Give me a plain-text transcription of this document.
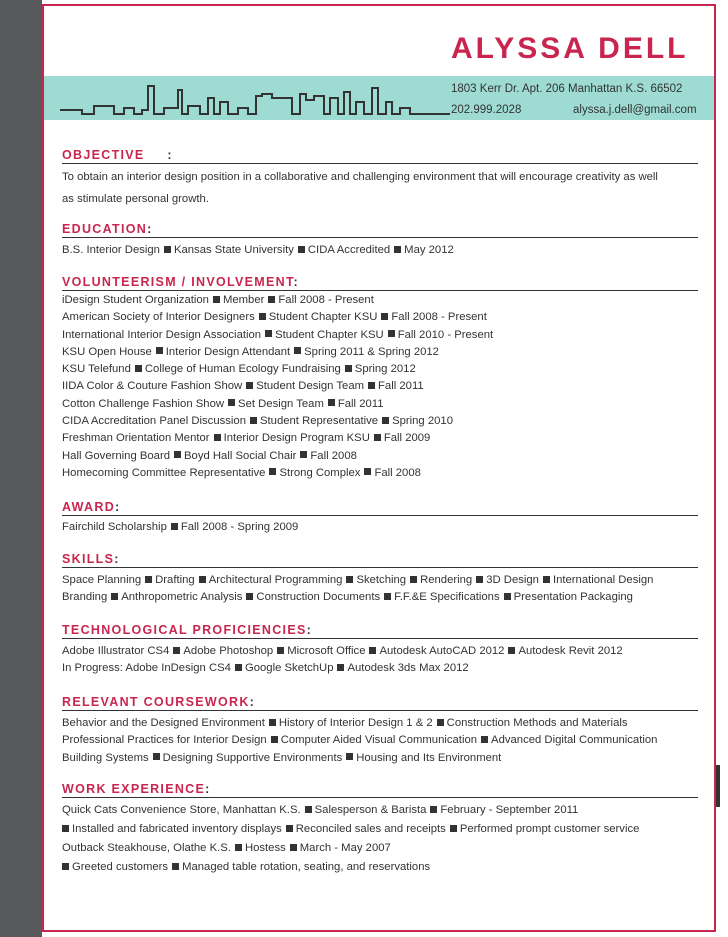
ALYSSA DELL
1803 Kerr Dr. Apt. 206 Manhattan K.S. 66502
202.999.2028	alyssa.j.dell@gmail.com
OBJECTIVE :
To obtain an interior design position in a collaborative and challenging environment that will encourage creativity as well as stimulate personal growth.
EDUCATION:
B.S. Interior Design Kansas State University CIDA Accredited May 2012
VOLUNTEERISM / INVOLVEMENT:
iDesign Student Organization Member Fall 2008 - Present
American Society of Interior Designers Student Chapter KSU Fall 2008 - Present
International Interior Design Association Student Chapter KSU Fall 2010 - Present
KSU Open House Interior Design Attendant Spring 2011 & Spring 2012
KSU Telefund College of Human Ecology Fundraising Spring 2012
IIDA Color & Couture Fashion Show Student Design Team Fall 2011
Cotton Challenge Fashion Show Set Design Team Fall 2011
CIDA Accreditation Panel Discussion Student Representative Spring 2010
Freshman Orientation Mentor Interior Design Program KSU Fall 2009
Hall Governing Board Boyd Hall Social Chair Fall 2008
Homecoming Committee Representative Strong Complex Fall 2008
AWARD:
Fairchild Scholarship Fall 2008 - Spring 2009
SKILLS:
Space Planning Drafting Architectural Programming Sketching Rendering 3D Design International Design
Branding Anthropometric Analysis Construction Documents F.F.&E Specifications Presentation Packaging
TECHNOLOGICAL PROFICIENCIES:
Adobe Illustrator CS4 Adobe Photoshop Microsoft Office Autodesk AutoCAD 2012 Autodesk Revit 2012
In Progress: Adobe InDesign CS4 Google SketchUp Autodesk 3ds Max 2012
RELEVANT COURSEWORK:
Behavior and the Designed Environment History of Interior Design 1 & 2 Construction Methods and Materials
Professional Practices for Interior Design Computer Aided Visual Communication Advanced Digital Communication
Building Systems Designing Supportive Environments Housing and Its Environment
WORK EXPERIENCE:
Quick Cats Convenience Store, Manhattan K.S. Salesperson & Barista February - September 2011
Installed and fabricated inventory displays Reconciled sales and receipts Performed prompt customer service
Outback Steakhouse, Olathe K.S. Hostess March - May 2007
Greeted customers Managed table rotation, seating, and reservations
